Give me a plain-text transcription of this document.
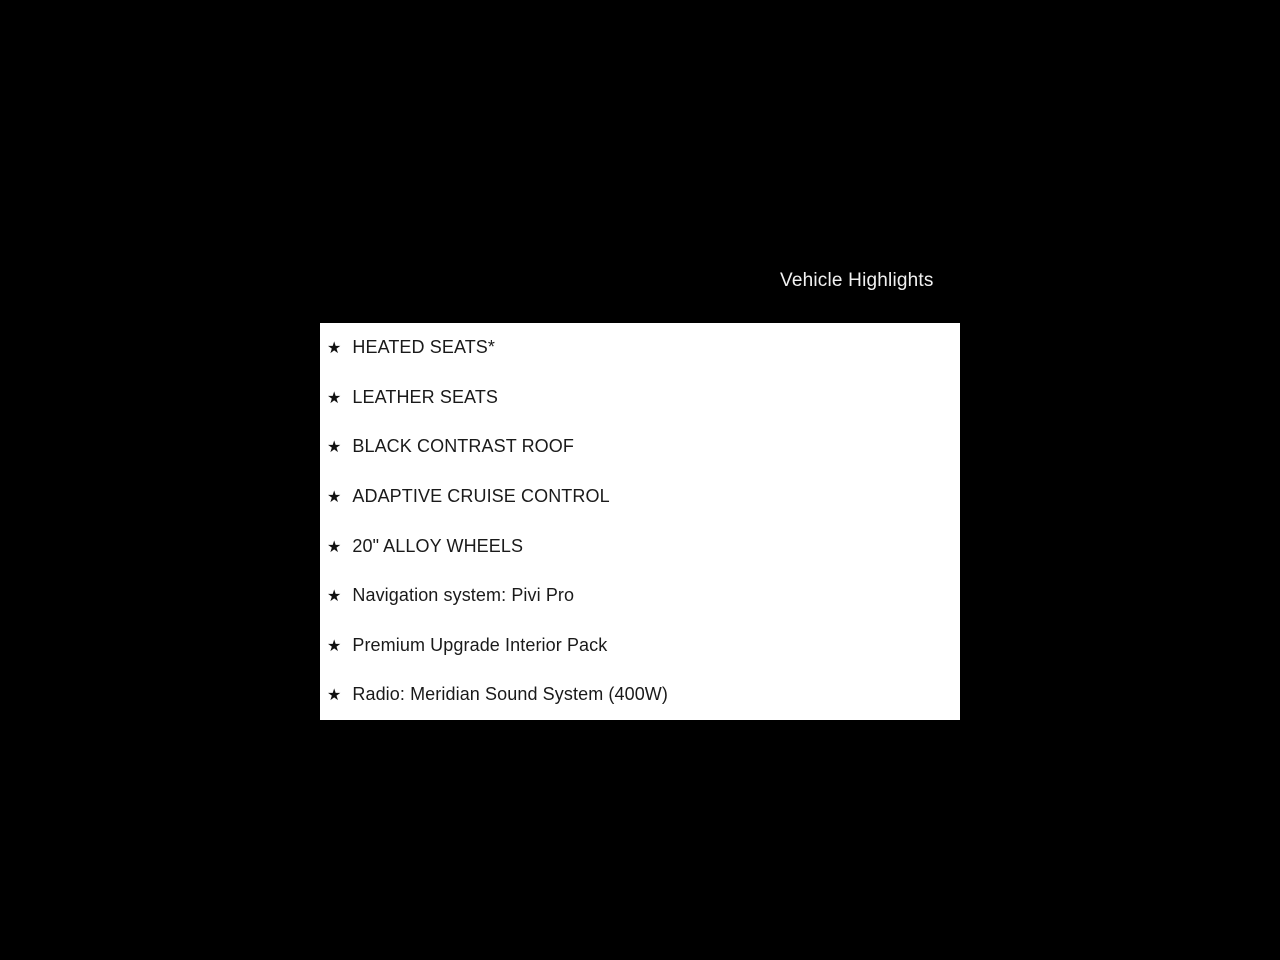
Vehicle Highlights
★ HEATED SEATS*
★ LEATHER SEATS
★ BLACK CONTRAST ROOF
★ ADAPTIVE CRUISE CONTROL
★ 20" ALLOY WHEELS
★ Navigation system: Pivi Pro
★ Premium Upgrade Interior Pack
★ Radio: Meridian Sound System (400W)
